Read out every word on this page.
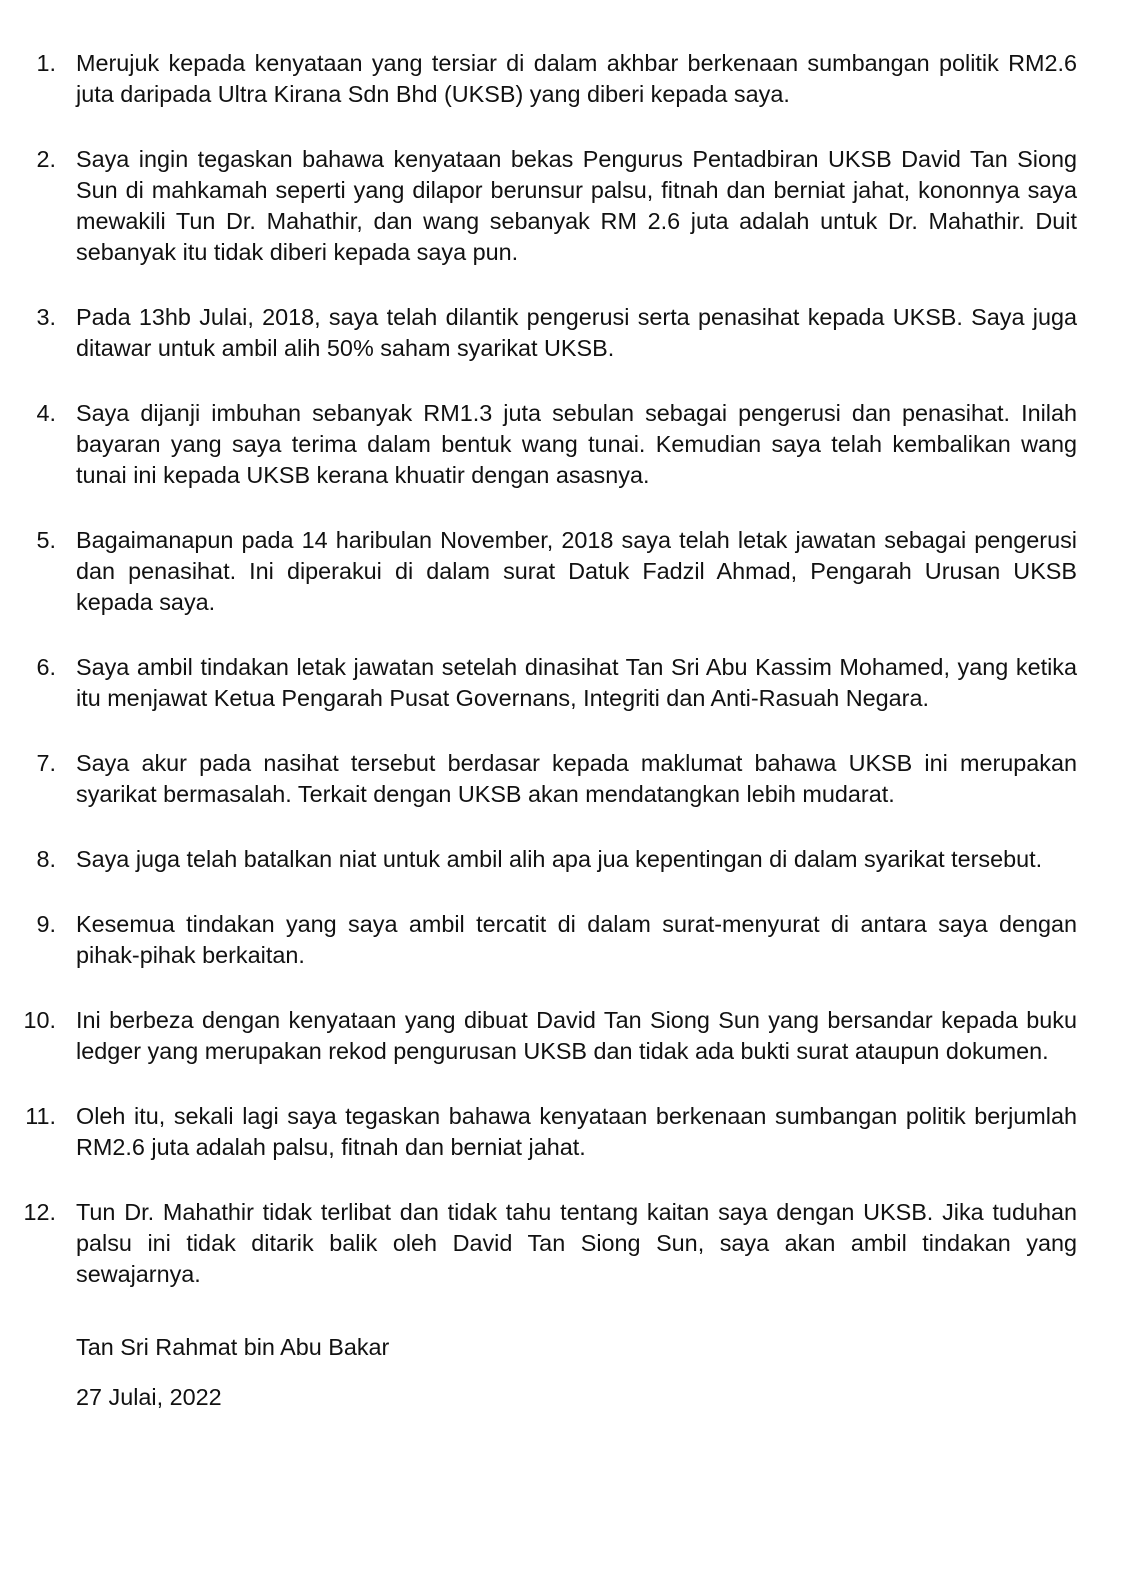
1. Merujuk kepada kenyataan yang tersiar di dalam akhbar berkenaan sumbangan politik RM2.6 juta daripada Ultra Kirana Sdn Bhd (UKSB) yang diberi kepada saya.
2. Saya ingin tegaskan bahawa kenyataan bekas Pengurus Pentadbiran UKSB David Tan Siong Sun di mahkamah seperti yang dilapor berunsur palsu, fitnah dan berniat jahat, kononnya saya mewakili Tun Dr. Mahathir, dan wang sebanyak RM 2.6 juta adalah untuk Dr. Mahathir. Duit sebanyak itu tidak diberi kepada saya pun.
3. Pada 13hb Julai, 2018, saya telah dilantik pengerusi serta penasihat kepada UKSB. Saya juga ditawar untuk ambil alih 50% saham syarikat UKSB.
4. Saya dijanji imbuhan sebanyak RM1.3 juta sebulan sebagai pengerusi dan penasihat. Inilah bayaran yang saya terima dalam bentuk wang tunai. Kemudian saya telah kembalikan wang tunai ini kepada UKSB kerana khuatir dengan asasnya.
5. Bagaimanapun pada 14 haribulan November, 2018 saya telah letak jawatan sebagai pengerusi dan penasihat. Ini diperakui di dalam surat Datuk Fadzil Ahmad, Pengarah Urusan UKSB kepada saya.
6. Saya ambil tindakan letak jawatan setelah dinasihat Tan Sri Abu Kassim Mohamed, yang ketika itu menjawat Ketua Pengarah Pusat Governans, Integriti dan Anti-Rasuah Negara.
7. Saya akur pada nasihat tersebut berdasar kepada maklumat bahawa UKSB ini merupakan syarikat bermasalah. Terkait dengan UKSB akan mendatangkan lebih mudarat.
8. Saya juga telah batalkan niat untuk ambil alih apa jua kepentingan di dalam syarikat tersebut.
9. Kesemua tindakan yang saya ambil tercatit di dalam surat-menyurat di antara saya dengan pihak-pihak berkaitan.
10. Ini berbeza dengan kenyataan yang dibuat David Tan Siong Sun yang bersandar kepada buku ledger yang merupakan rekod pengurusan UKSB dan tidak ada bukti surat ataupun dokumen.
11. Oleh itu, sekali lagi saya tegaskan bahawa kenyataan berkenaan sumbangan politik berjumlah RM2.6 juta adalah palsu, fitnah dan berniat jahat.
12. Tun Dr. Mahathir tidak terlibat dan tidak tahu tentang kaitan saya dengan UKSB. Jika tuduhan palsu ini tidak ditarik balik oleh David Tan Siong Sun, saya akan ambil tindakan yang sewajarnya.
Tan Sri Rahmat bin Abu Bakar
27 Julai, 2022
